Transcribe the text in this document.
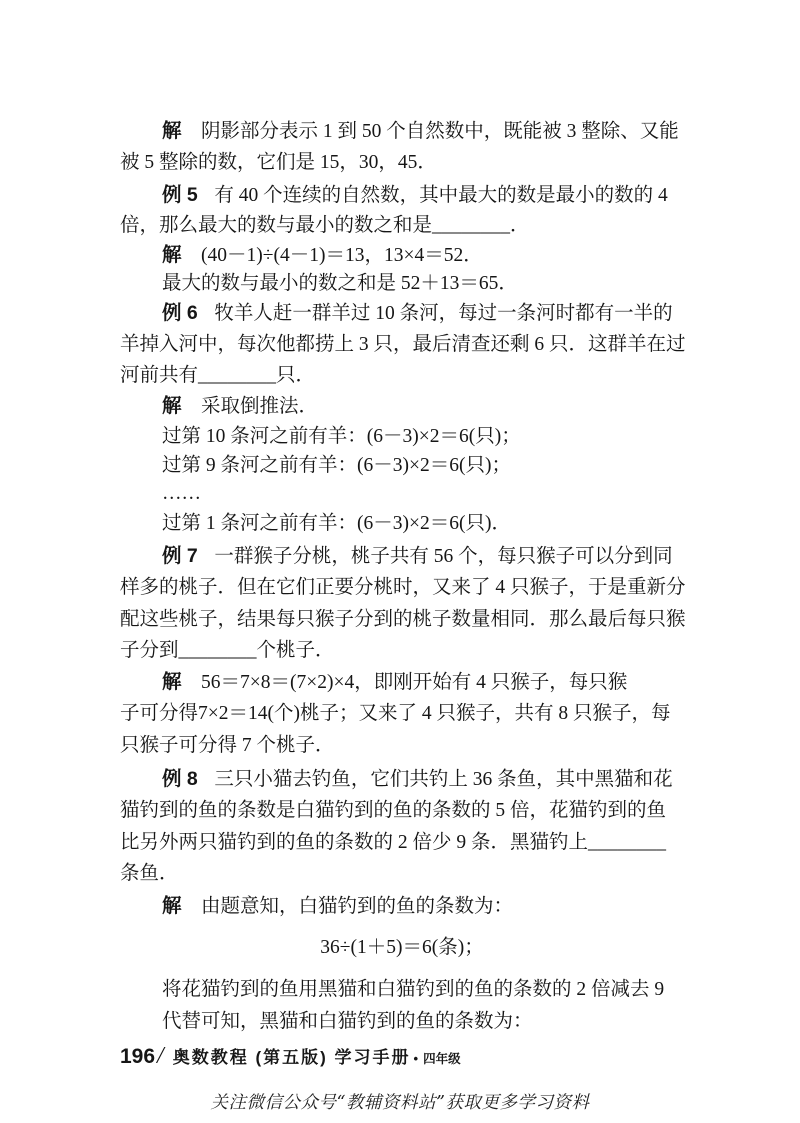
解 阴影部分表示 1 到 50 个自然数中，既能被 3 整除、又能
被 5 整除的数，它们是 15，30，45．
例 5 有 40 个连续的自然数，其中最大的数是最小的数的 4
倍，那么最大的数与最小的数之和是________．
解 (40－1)÷(4－1)＝13，13×4＝52．
最大的数与最小的数之和是 52＋13＝65．
例 6 牧羊人赶一群羊过 10 条河，每过一条河时都有一半的
羊掉入河中，每次他都捞上 3 只，最后清查还剩 6 只．这群羊在过
河前共有________只．
解 采取倒推法．
过第 10 条河之前有羊：(6－3)×2＝6(只)；
过第 9 条河之前有羊：(6－3)×2＝6(只)；
……
过第 1 条河之前有羊：(6－3)×2＝6(只)．
例 7 一群猴子分桃，桃子共有 56 个，每只猴子可以分到同
样多的桃子．但在它们正要分桃时，又来了 4 只猴子，于是重新分
配这些桃子，结果每只猴子分到的桃子数量相同．那么最后每只猴
子分到________个桃子．
解 56＝7×8＝(7×2)×4，即刚开始有 4 只猴子，每只猴
子可分得7×2＝14(个)桃子；又来了 4 只猴子，共有 8 只猴子，每
只猴子可分得 7 个桃子．
例 8 三只小猫去钓鱼，它们共钓上 36 条鱼，其中黑猫和花
猫钓到的鱼的条数是白猫钓到的鱼的条数的 5 倍，花猫钓到的鱼
比另外两只猫钓到的鱼的条数的 2 倍少 9 条．黑猫钓上________
条鱼．
解 由题意知，白猫钓到的鱼的条数为：
36÷(1＋5)＝6(条)；
将花猫钓到的鱼用黑猫和白猫钓到的鱼的条数的 2 倍减去 9
代替可知，黑猫和白猫钓到的鱼的条数为：
196/ 奥数教程 (第五版) 学习手册 • 四年级
关注微信公众号“教辅资料站”获取更多学习资料
